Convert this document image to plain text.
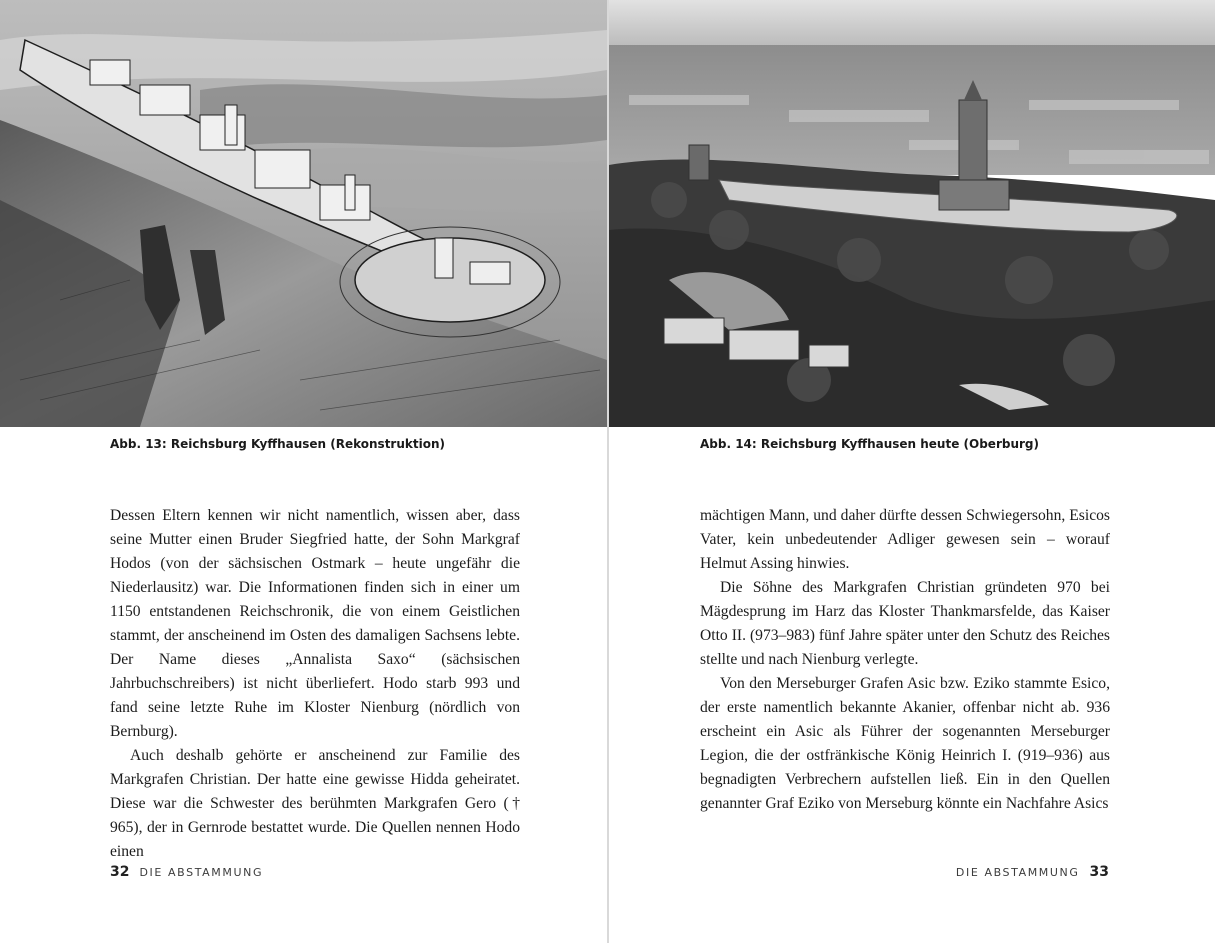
Abb. 13: Reichsburg Kyffhausen (Rekonstruktion)

Dessen Eltern kennen wir nicht namentlich, wissen aber, dass seine Mutter einen Bruder Siegfried hatte, der Sohn Markgraf Hodos (von der sächsischen Ostmark – heute ungefähr die Niederlausitz) war. Die Informationen finden sich in einer um 1150 entstandenen Reichschronik, die von einem Geistlichen stammt, der anscheinend im Osten des damaligen Sachsens lebte. Der Name dieses „Annalista Saxo“ (sächsischen Jahrbuchschreibers) ist nicht überliefert. Hodo starb 993 und fand seine letzte Ruhe im Kloster Nienburg (nördlich von Bernburg).

Auch deshalb gehörte er anscheinend zur Familie des Markgrafen Christian. Der hatte eine gewisse Hidda geheiratet. Diese war die Schwester des berühmten Markgrafen Gero († 965), der in Gernrode bestattet wurde. Die Quellen nennen Hodo einen

32 DIE ABSTAMMUNG
Abb. 14: Reichsburg Kyffhausen heute (Oberburg)

mächtigen Mann, und daher dürfte dessen Schwiegersohn, Esicos Vater, kein unbedeutender Adliger gewesen sein – worauf Helmut Assing hinwies.

Die Söhne des Markgrafen Christian gründeten 970 bei Mägdesprung im Harz das Kloster Thankmarsfelde, das Kaiser Otto II. (973–983) fünf Jahre später unter den Schutz des Reiches stellte und nach Nienburg verlegte.

Von den Merseburger Grafen Asic bzw. Eziko stammte Esico, der erste namentlich bekannte Akanier, offenbar nicht ab. 936 erscheint ein Asic als Führer der sogenannten Merseburger Legion, die der ostfränkische König Heinrich I. (919–936) aus begnadigten Verbrechern aufstellen ließ. Ein in den Quellen genannter Graf Eziko von Merseburg könnte ein Nachfahre Asics

DIE ABSTAMMUNG 33
